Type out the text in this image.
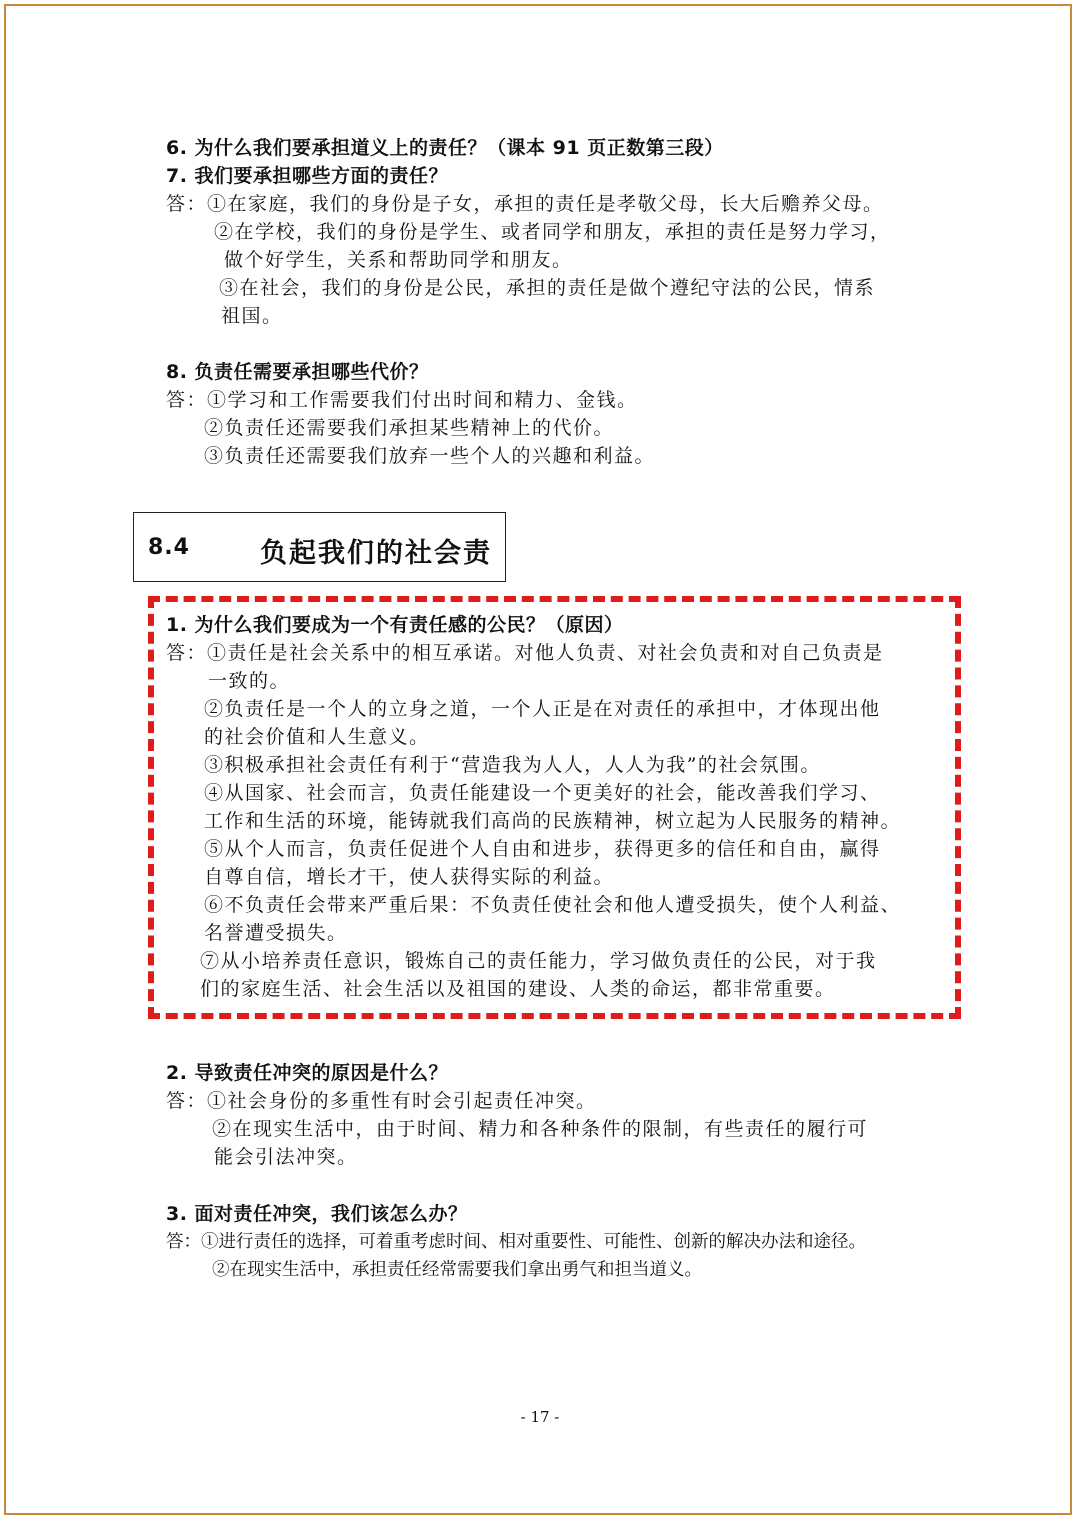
6. 为什么我们要承担道义上的责任？（课本 91 页正数第三段）
7. 我们要承担哪些方面的责任？
答：①在家庭，我们的身份是子女，承担的责任是孝敬父母，长大后赡养父母。
②在学校，我们的身份是学生、或者同学和朋友，承担的责任是努力学习，
做个好学生，关系和帮助同学和朋友。
③在社会，我们的身份是公民，承担的责任是做个遵纪守法的公民，情系
祖国。
8. 负责任需要承担哪些代价？
答：①学习和工作需要我们付出时间和精力、金钱。
②负责任还需要我们承担某些精神上的代价。
③负责任还需要我们放弃一些个人的兴趣和利益。
8.4	负起我们的社会责
1. 为什么我们要成为一个有责任感的公民？（原因）
答：①责任是社会关系中的相互承诺。对他人负责、对社会负责和对自己负责是
一致的。
②负责任是一个人的立身之道，一个人正是在对责任的承担中，才体现出他
的社会价值和人生意义。
③积极承担社会责任有利于“营造我为人人，人人为我”的社会氛围。
④从国家、社会而言，负责任能建设一个更美好的社会，能改善我们学习、
工作和生活的环境，能铸就我们高尚的民族精神，树立起为人民服务的精神。
⑤从个人而言，负责任促进个人自由和进步，获得更多的信任和自由，赢得
自尊自信，增长才干，使人获得实际的利益。
⑥不负责任会带来严重后果：不负责任使社会和他人遭受损失，使个人利益、
名誉遭受损失。
⑦从小培养责任意识，锻炼自己的责任能力，学习做负责任的公民，对于我
们的家庭生活、社会生活以及祖国的建设、人类的命运，都非常重要。
2. 导致责任冲突的原因是什么？
答：①社会身份的多重性有时会引起责任冲突。
②在现实生活中，由于时间、精力和各种条件的限制，有些责任的履行可
能会引法冲突。
3. 面对责任冲突，我们该怎么办？
答：①进行责任的选择，可着重考虑时间、相对重要性、可能性、创新的解决办法和途径。
②在现实生活中，承担责任经常需要我们拿出勇气和担当道义。
- 17 -
